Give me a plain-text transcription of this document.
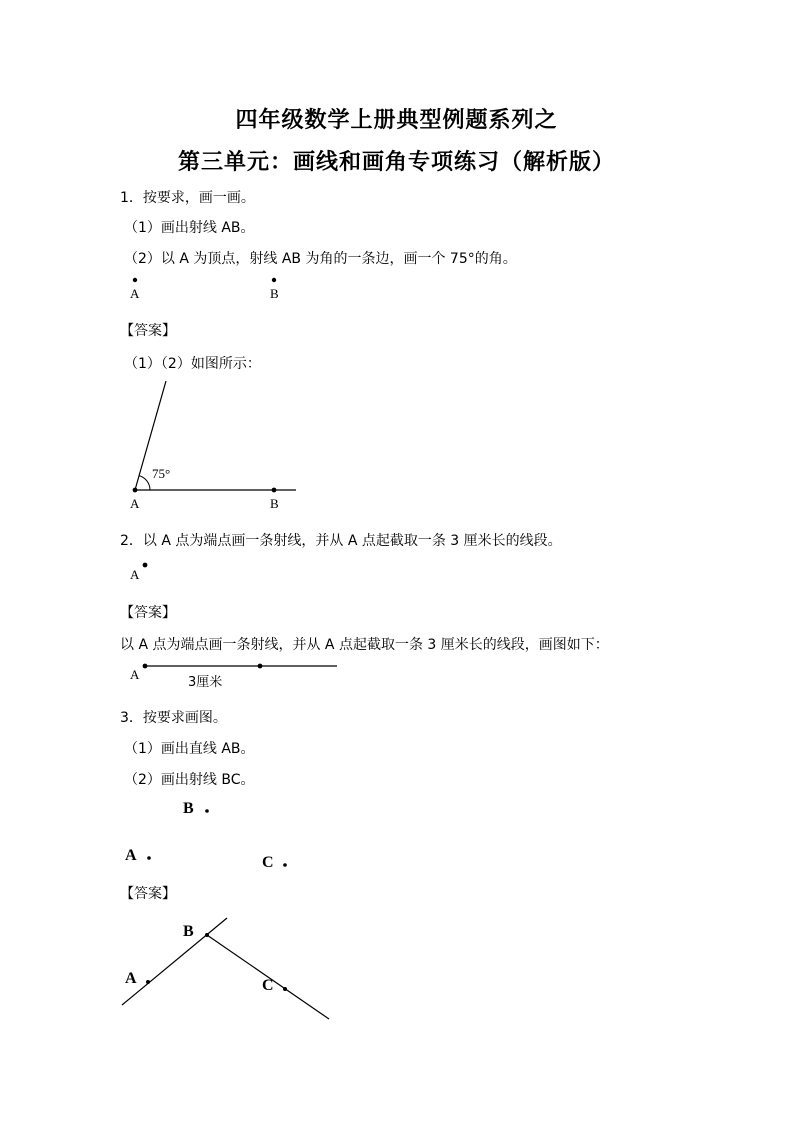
四年级数学上册典型例题系列之
第三单元：画线和画角专项练习（解析版）
1．按要求，画一画。
（1）画出射线 AB。
（2）以 A 为顶点，射线 AB 为角的一条边，画一个 75°的角。
A	B
【答案】
（1）（2）如图所示：
75°
A	B
2．以 A 点为端点画一条射线，并从 A 点起截取一条 3 厘米长的线段。
A
【答案】
以 A 点为端点画一条射线，并从 A 点起截取一条 3 厘米长的线段，画图如下：
A
3厘米
3．按要求画图。
（1）画出直线 AB。
（2）画出射线 BC。
B
A	C
【答案】
B
A	C
